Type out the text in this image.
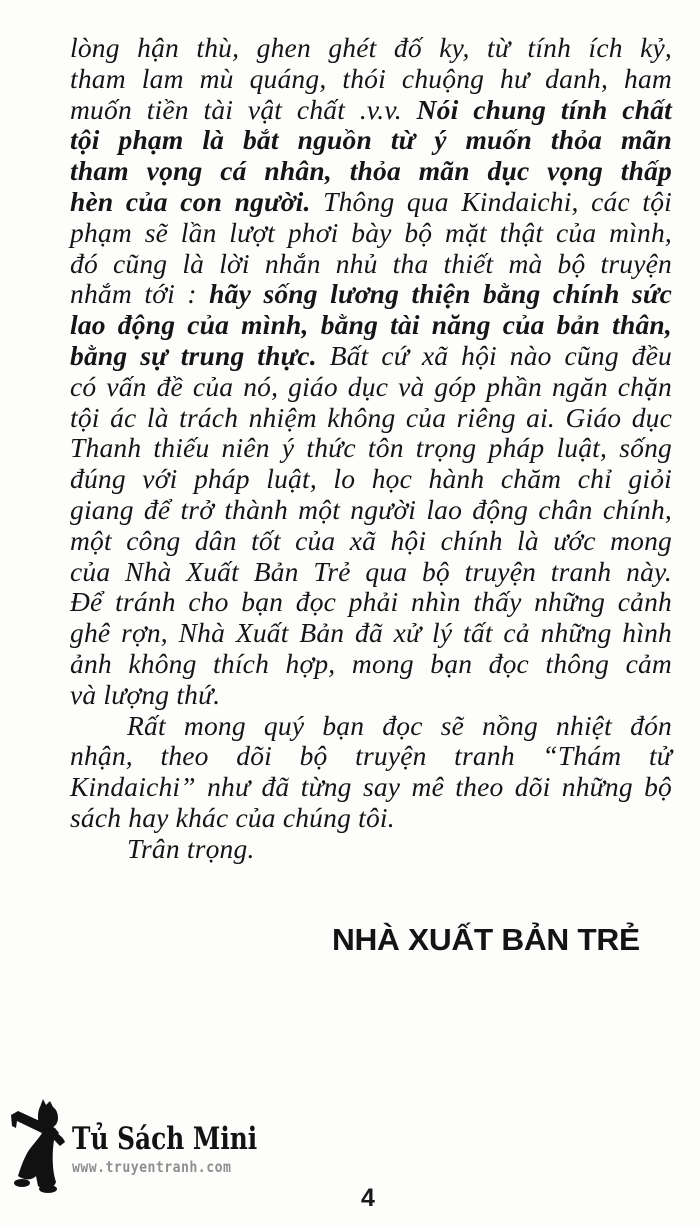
lòng hận thù, ghen ghét đố ky, từ tính ích kỷ,
tham lam mù quáng, thói chuộng hư danh, ham
muốn tiền tài vật chất .v.v. Nói chung tính chất
tội phạm là bắt nguồn từ ý muốn thỏa mãn
tham vọng cá nhân, thỏa mãn dục vọng thấp
hèn của con người. Thông qua Kindaichi, các tội
phạm sẽ lần lượt phơi bày bộ mặt thật của mình,
đó cũng là lời nhắn nhủ tha thiết mà bộ truyện
nhắm tới : hãy sống lương thiện bằng chính sức
lao động của mình, bằng tài năng của bản thân,
bằng sự trung thực. Bất cứ xã hội nào cũng đều
có vấn đề của nó, giáo dục và góp phần ngăn chặn
tội ác là trách nhiệm không của riêng ai. Giáo dục
Thanh thiếu niên ý thức tôn trọng pháp luật, sống
đúng với pháp luật, lo học hành chăm chỉ giỏi
giang để trở thành một người lao động chân chính,
một công dân tốt của xã hội chính là ước mong
của Nhà Xuất Bản Trẻ qua bộ truyện tranh này.
Để tránh cho bạn đọc phải nhìn thấy những cảnh
ghê rợn, Nhà Xuất Bản đã xử lý tất cả những hình
ảnh không thích hợp, mong bạn đọc thông cảm
và lượng thứ.
Rất mong quý bạn đọc sẽ nồng nhiệt đón
nhận, theo dõi bộ truyện tranh “Thám tử
Kindaichi” như đã từng say mê theo dõi những bộ
sách hay khác của chúng tôi.
Trân trọng.
NHÀ XUẤT BẢN TRẺ
Tủ Sách Mini
www.truyentranh.com
4
